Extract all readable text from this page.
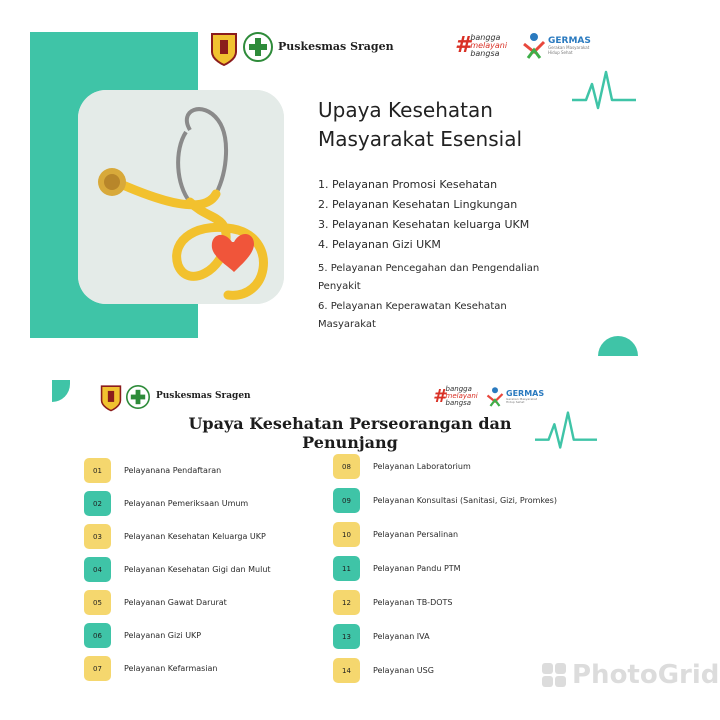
Puskesmas Sragen	# bangga
melayani
bangsa
GERMAS
Gerakan Masyarakat
Hidup Sehat
Upaya Kesehatan
Masyarakat Esensial
1. Pelayanan Promosi Kesehatan
2. Pelayanan Kesehatan Lingkungan
3. Pelayanan Kesehatan keluarga UKM
4. Pelayanan Gizi UKM
5. Pelayanan Pencegahan dan Pengendalian Penyakit
6. Pelayanan Keperawatan Kesehatan Masyarakat
Puskesmas Sragen	# bangga
melayani
bangsa
GERMAS
Gerakan Masyarakat
Hidup Sehat
Upaya Kesehatan Perseorangan dan Penunjang
01	Pelayanana Pendaftaran
02	Pelayanan Pemeriksaan Umum
03	Pelayanan Kesehatan Keluarga UKP
04	Pelayanan Kesehatan Gigi dan Mulut
05	Pelayanan Gawat Darurat
06	Pelayanan Gizi UKP
07	Pelayanan Kefarmasian
08	Pelayanan Laboratorium
09	Pelayanan Konsultasi (Sanitasi, Gizi, Promkes)
10	Pelayanan Persalinan
11	Pelayanan Pandu PTM
12	Pelayanan TB-DOTS
13	Pelayanan IVA
14	Pelayanan USG	PhotoGrid
